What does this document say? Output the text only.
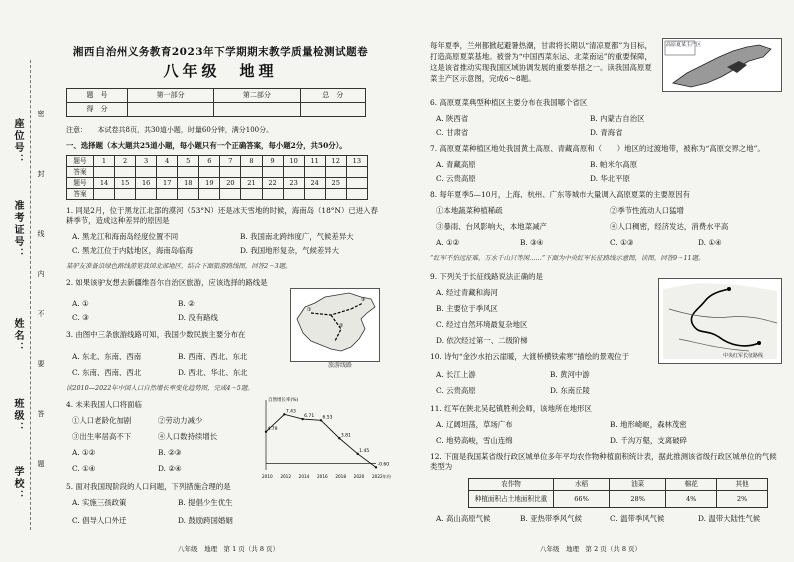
座位号：
准考证号：
姓名：
班级：
学校：
密
封
线
内
不
要
答
题
湘西自治州义务教育2023年下学期期末教学质量检测试题卷
八年级　地理
题　号	第一部分	第二部分	总　分
得　分			
注意：　　本试卷共8页，共30道小题，时量60分钟，满分100分。
一、选择题（本大题共25道小题，每小题只有一个正确答案，每小题2分，共50分）。
题号	1	2	3	4	5	6	7	8	9	10	11	12	13
答案													
题号	14	15	16	17	18	19	20	21	22	23	24	25	
答案													
1. 同是2月，位于黑龙江北部的漠河（53°N）还是冰天雪地的时候，海南岛（18°N）已进入春耕季节，造成这种差异的原因是
A. 黑龙江和海南岛经度位置不同	B. 我国南北跨纬度广，气候差异大
C. 黑龙江位于内陆地区，海南岛临海	D. 我国地形复杂，气候差异大
某驴友准备沿绿色路线游览我国北部地区，结合下面旅游路线图，回答2～3题。
2. 如果该驴友想去新疆维吾尔自治区旅游，应该选择的路线是
A. ①	B. ②
C. ③	D. 没有路线
①
②
③
旅游线路
3. 由图中三条旅游线路可知，我国少数民族主要分布在
A. 东北、东南、西南	B. 西南、西北、东北
C. 东南、西南、西北	D. 西北、华北、东北
读2010—2022年中国人口自然增长率变化趋势图，完成4～5题。
4. 未来我国人口将面临
①人口老龄化加剧	②劳动力减少
③出生率居高不下	④人口数持续增长
A. ①②	B. ②③
C. ①④	D. ②④
自然增长率(%)
4.79
2010
7.43
2012
6.71
2014
6.53
2016
3.81
2018
1.45
2020
-0.60
2022年份
5. 面对我国现阶段的人口问题，下列措施合理的是
A. 实施三孩政策	B. 提倡少生优生
C. 倡导人口外迁	D. 鼓励跨国婚姻
八年级　地理　第 1 页（共 8 页）
每年夏季，兰州都掀起避暑热潮，甘肃将长期以“清凉夏都”为目标，打造高原夏菜基地。被誉为“中国西菜东运、北菜南运”的重要保障，这是该省推动实现我国区域协调发展的重要举措之一。读我国高原夏菜主产区示意图，完成6～8题。
高原夏菜主产区
6. 高原夏菜典型种植区主要分布在我国哪个省区
A. 陕西省	B. 内蒙古自治区
C. 甘肃省	D. 青海省
7. 高原夏菜种植区地处我国黄土高原、青藏高原和（　　）地区的过渡地带，被称为“高原交界之地”。
A. 青藏高原	B. 帕米尔高原
C. 云贵高原	D. 华北平原
8. 每年夏季5—10月，上海、杭州、广东等城市大量调入高原夏菜的主要原因有
①本地蔬菜种植稀疏	②季节性流动人口猛增
③暴雨、台风影响大，本地菜减产	④人口稠密，经济发达，消费水平高
A. ①②	B. ③④	C. ①③	D. ①④
“红军不怕远征难，万水千山只等闲……”下面为中央红军长征路线示意图，读图，回答9～11题。
9. 下列关于长征线路说法正确的是
A. 经过青藏和海河
B. 主要位于季风区
C. 经过自然环境最复杂地区
D. 依次经过第一、二级阶梯
中央红军长征路线
10. 诗句“金沙水拍云崖暖，大渡桥横铁索寒”描绘的景观位于
A. 长江上游	B. 黄河中游
C. 云贵高原	D. 东南丘陵
11. 红军在陕北吴起镇胜利会师，该地所在地形区
A. 辽阔坦荡，草场广布	B. 地形崎岖，森林茂密
C. 地势高峻，雪山连绵	D. 千沟万壑，支离破碎
12. 下面是我国某省级行政区城单位多年平均农作物种植面积统计表，据此推测该省级行政区城单位的气候类型为
农作物	水稻	油菜	棉花	其他
种植面积占土地面积比重	66%	28%	4%	2%
A. 高山高原气候	B. 亚热带季风气候	C. 温带季风气候	D. 温带大陆性气候
八年级　地理　第 2 页（共 8 页）
